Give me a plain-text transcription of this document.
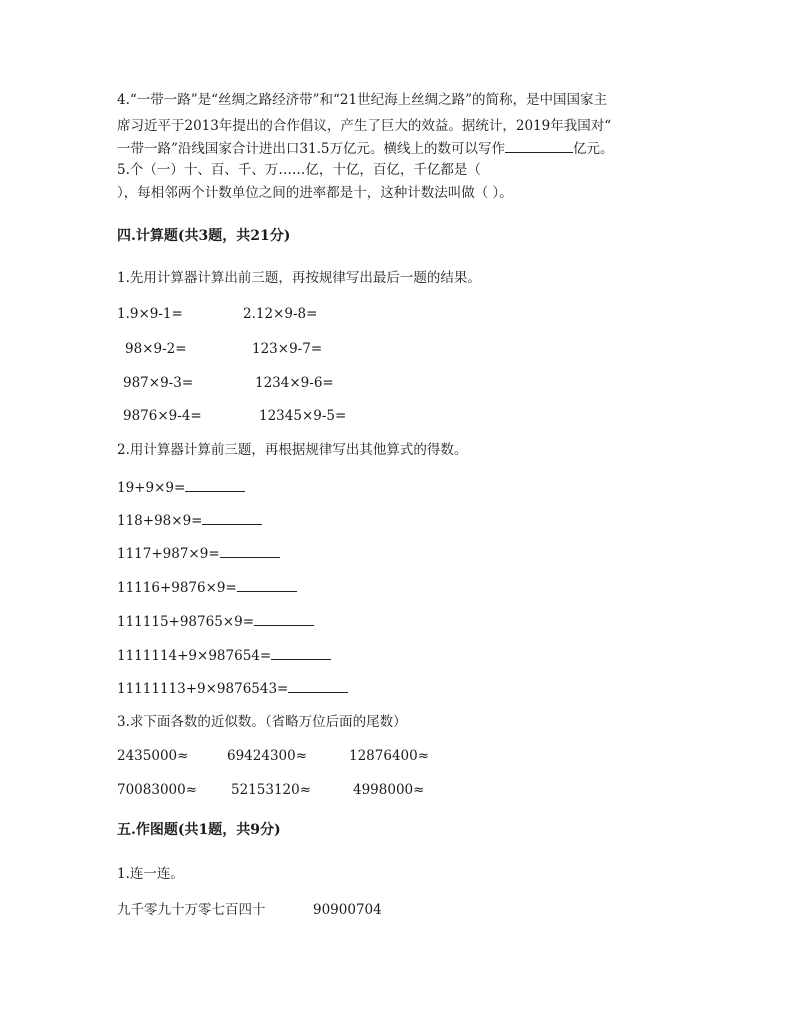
4.“一带一路”是“丝绸之路经济带”和“21世纪海上丝绸之路”的简称，是中国国家主
席习近平于2013年提出的合作倡议，产生了巨大的效益。据统计，2019年我国对“
一带一路”沿线国家合计进出口31.5万亿元。横线上的数可以写作	亿元。
5.个（一）十、百、千、万……亿，十亿，百亿，千亿都是（
），每相邻两个计数单位之间的进率都是十，这种计数法叫做（ ）。
四.计算题(共3题，共21分)
1.先用计算器计算出前三题，再按规律写出最后一题的结果。
1.9×9-1=	2.12×9-8=
98×9-2=	123×9-7=
987×9-3=	1234×9-6=
9876×9-4=	12345×9-5=
2.用计算器计算前三题，再根据规律写出其他算式的得数。
19+9×9=
118+98×9=
1117+987×9=
11116+9876×9=
111115+98765×9=
1111114+9×987654=
11111113+9×9876543=
3.求下面各数的近似数。（省略万位后面的尾数）
2435000≈	69424300≈	12876400≈
70083000≈	52153120≈	4998000≈
五.作图题(共1题，共9分)
1.连一连。
九千零九十万零七百四十	90900704
